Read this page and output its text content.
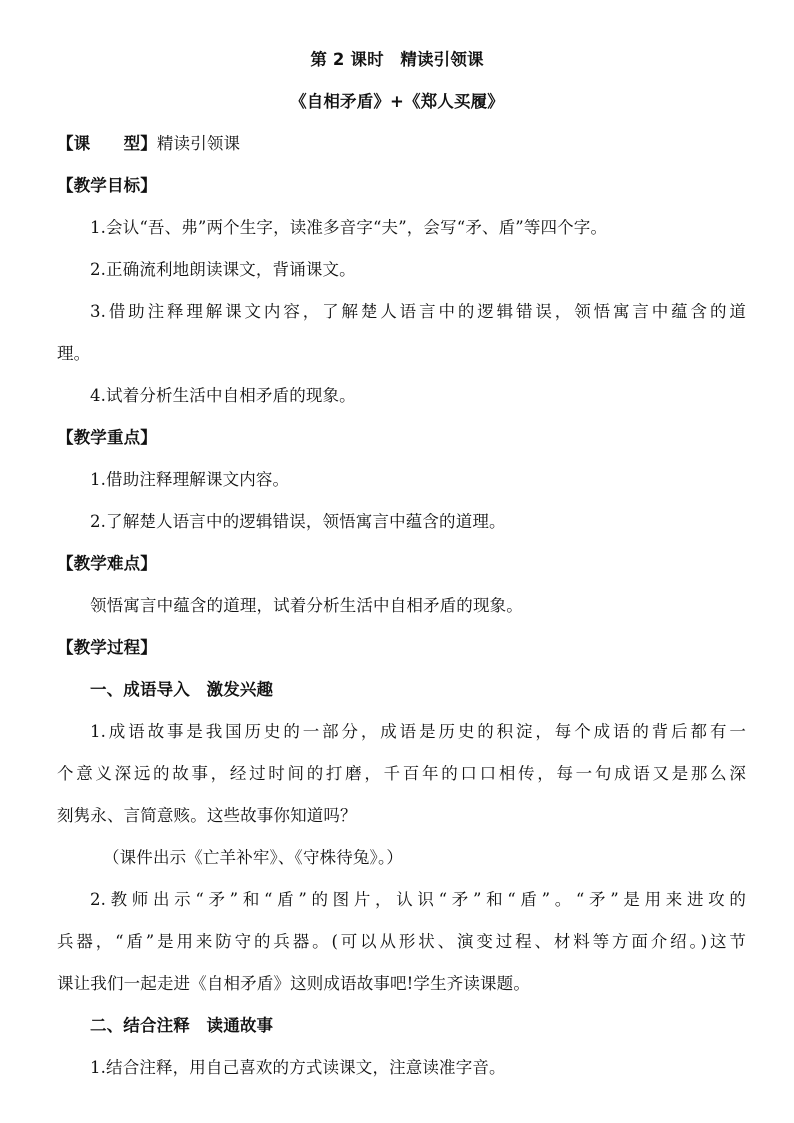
第 2 课时　精读引领课
《自相矛盾》+《郑人买履》
【课　　型】精读引领课
【教学目标】
1.会认“吾、弗”两个生字，读准多音字“夫”，会写“矛、盾”等四个字。
2.正确流利地朗读课文，背诵课文。
3.借助注释理解课文内容，了解楚人语言中的逻辑错误，领悟寓言中蕴含的道
理。
4.试着分析生活中自相矛盾的现象。
【教学重点】
1.借助注释理解课文内容。
2.了解楚人语言中的逻辑错误，领悟寓言中蕴含的道理。
【教学难点】
领悟寓言中蕴含的道理，试着分析生活中自相矛盾的现象。
【教学过程】
一、成语导入　激发兴趣
1.成语故事是我国历史的一部分，成语是历史的积淀，每个成语的背后都有一
个意义深远的故事，经过时间的打磨，千百年的口口相传，每一句成语又是那么深
刻隽永、言简意赅。这些故事你知道吗？
（课件出示《亡羊补牢》、《守株待兔》。）
2.教师出示“矛”和“盾”的图片，认识“矛”和“盾”。“矛”是用来进攻的
兵器，“盾”是用来防守的兵器。(可以从形状、演变过程、材料等方面介绍。)这节
课让我们一起走进《自相矛盾》这则成语故事吧!学生齐读课题。
二、结合注释　读通故事
1.结合注释，用自己喜欢的方式读课文，注意读准字音。
